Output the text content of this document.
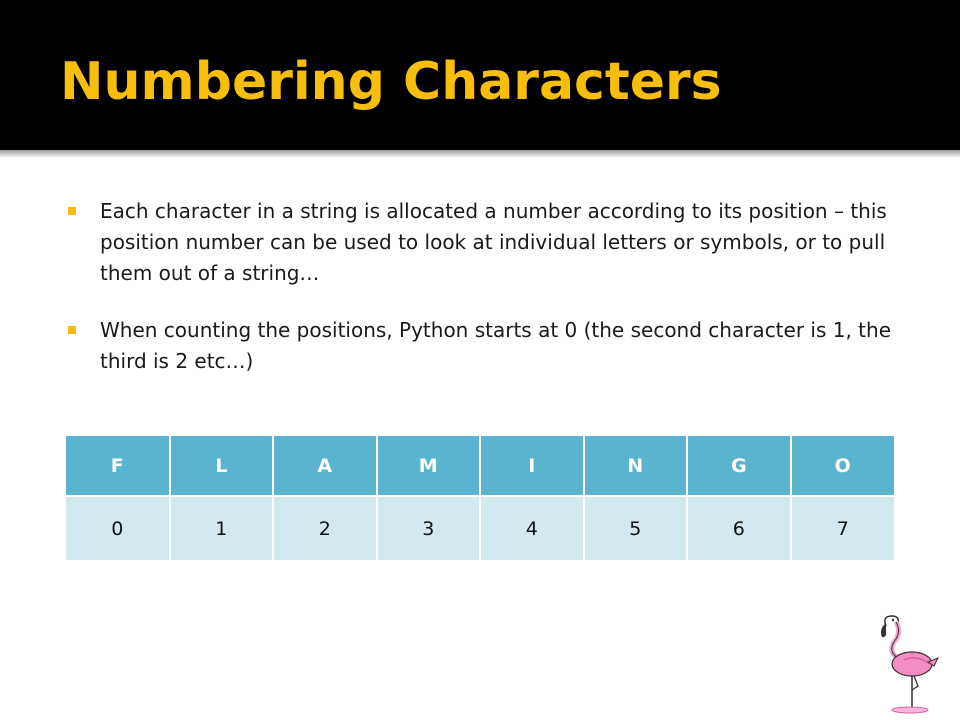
Numbering Characters
Each character in a string is allocated a number according to its position – this position number can be used to look at individual letters or symbols, or to pull them out of a string…
When counting the positions, Python starts at 0 (the second character is 1, the third is 2 etc…)
F	L	A	M	I	N	G	O
0	1	2	3	4	5	6	7
